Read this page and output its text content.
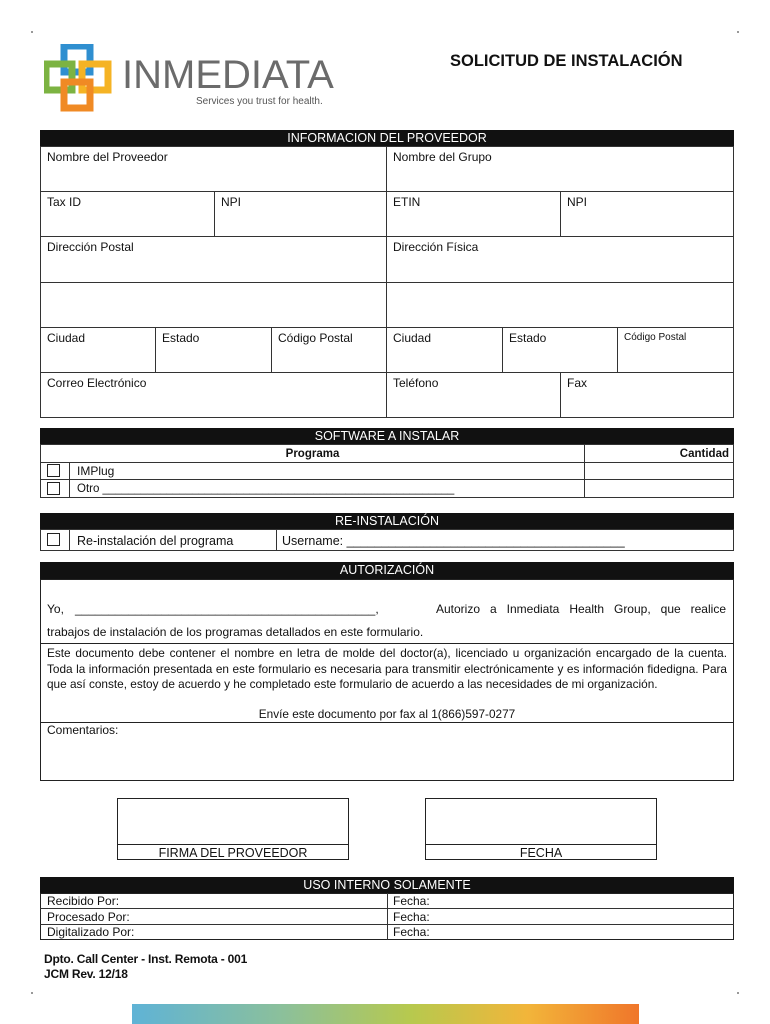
INMEDIATA
Services you trust for health.
SOLICITUD DE INSTALACIÓN
INFORMACION DEL PROVEEDOR
Nombre del Proveedor	Nombre del Grupo
Tax ID	NPI	ETIN	NPI
Dirección Postal	Dirección Física
Ciudad	Estado	Código Postal	Ciudad	Estado	Código Postal
Correo Electrónico	Teléfono	Fax
SOFTWARE A INSTALAR
Programa	Cantidad
IMPlug
Otro _______________________________________________________
RE-INSTALACIÓN
Re-instalación del programa	Username: ________________________________________
AUTORIZACIÓN
Yo, _____________________________________________,	Autorizo a Inmediata Health Group, que realice
trabajos de instalación de los programas detallados en este formulario.
Este documento debe contener el nombre en letra de molde del doctor(a), licenciado u organización encargado de la cuenta. Toda la información presentada en este formulario es necesaria para transmitir electrónicamente y es información fidedigna. Para que así conste, estoy de acuerdo y he completado este formulario de acuerdo a las necesidades de mi organización.
Envíe este documento por fax al 1(866)597-0277
Comentarios:
FIRMA DEL PROVEEDOR	FECHA
USO INTERNO SOLAMENTE
Recibido Por:	Fecha:
Procesado Por:	Fecha:
Digitalizado Por:	Fecha:
Dpto. Call Center - Inst. Remota - 001
JCM Rev. 12/18
